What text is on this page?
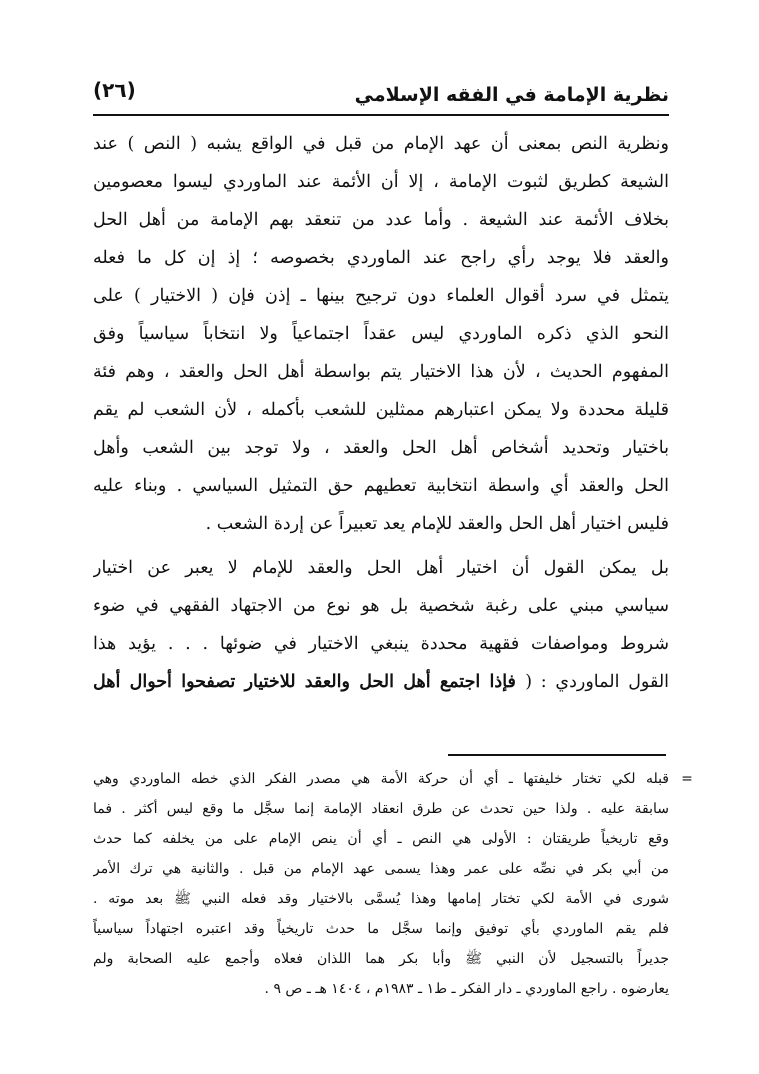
نظرية الإمامة في الفقه الإسلامي
(٢٦)
ونظرية النص بمعنى أن عهد الإمام من قبل في الواقع يشبه ( النص ) عند
الشيعة كطريق لثبوت الإمامة ، إلا أن الأئمة عند الماوردي ليسوا معصومين
بخلاف الأئمة عند الشيعة . وأما عدد من تنعقد بهم الإمامة من أهل الحل
والعقد فلا يوجد رأي راجح عند الماوردي بخصوصه ؛ إذ إن كل ما فعله
يتمثل في سرد أقوال العلماء دون ترجيح بينها ـ إذن فإن ( الاختيار ) على
النحو الذي ذكره الماوردي ليس عقداً اجتماعياً ولا انتخاباً سياسياً وفق
المفهوم الحديث ، لأن هذا الاختيار يتم بواسطة أهل الحل والعقد ، وهم فئة
قليلة محددة ولا يمكن اعتبارهم ممثلين للشعب بأكمله ، لأن الشعب لم يقم
باختيار وتحديد أشخاص أهل الحل والعقد ، ولا توجد بين الشعب وأهل
الحل والعقد أي واسطة انتخابية تعطيهم حق التمثيل السياسي . وبناء عليه
فليس اختيار أهل الحل والعقد للإمام يعد تعبيراً عن إردة الشعب .
بل يمكن القول أن اختيار أهل الحل والعقد للإمام لا يعبر عن اختيار
سياسي مبني على رغبة شخصية بل هو نوع من الاجتهاد الفقهي في ضوء
شروط ومواصفات فقهية محددة ينبغي الاختيار في ضوئها . . . يؤيد هذا
القول الماوردي : ( فإذا اجتمع أهل الحل والعقد للاختيار تصفحوا أحوال أهل
=
قبله لكي تختار خليفتها ـ أي أن حركة الأمة هي مصدر الفكر الذي خطه الماوردي وهي
سابقة عليه . ولذا حين تحدث عن طرق انعقاد الإمامة إنما سجَّل ما وقع ليس أكثر . فما
وقع تاريخياً طريقتان : الأولى هي النص ـ أي أن ينص الإمام على من يخلفه كما حدث
من أبي بكر في نصِّه على عمر وهذا يسمى عهد الإمام من قبل . والثانية هي ترك الأمر
شورى في الأمة لكي تختار إمامها وهذا يُسمَّى بالاختيار وقد فعله النبي ﷺ بعد موته .
فلم يقم الماوردي بأي توفيق وإنما سجَّل ما حدث تاريخياً وقد اعتبره اجتهاداً سياسياً
جديراً بالتسجيل لأن النبي ﷺ وأبا بكر هما اللذان فعلاه وأجمع عليه الصحابة ولم
يعارضوه . راجع الماوردي ـ دار الفكر ـ ط١ ـ ١٩٨٣م ، ١٤٠٤ هـ ـ ص ٩ .
